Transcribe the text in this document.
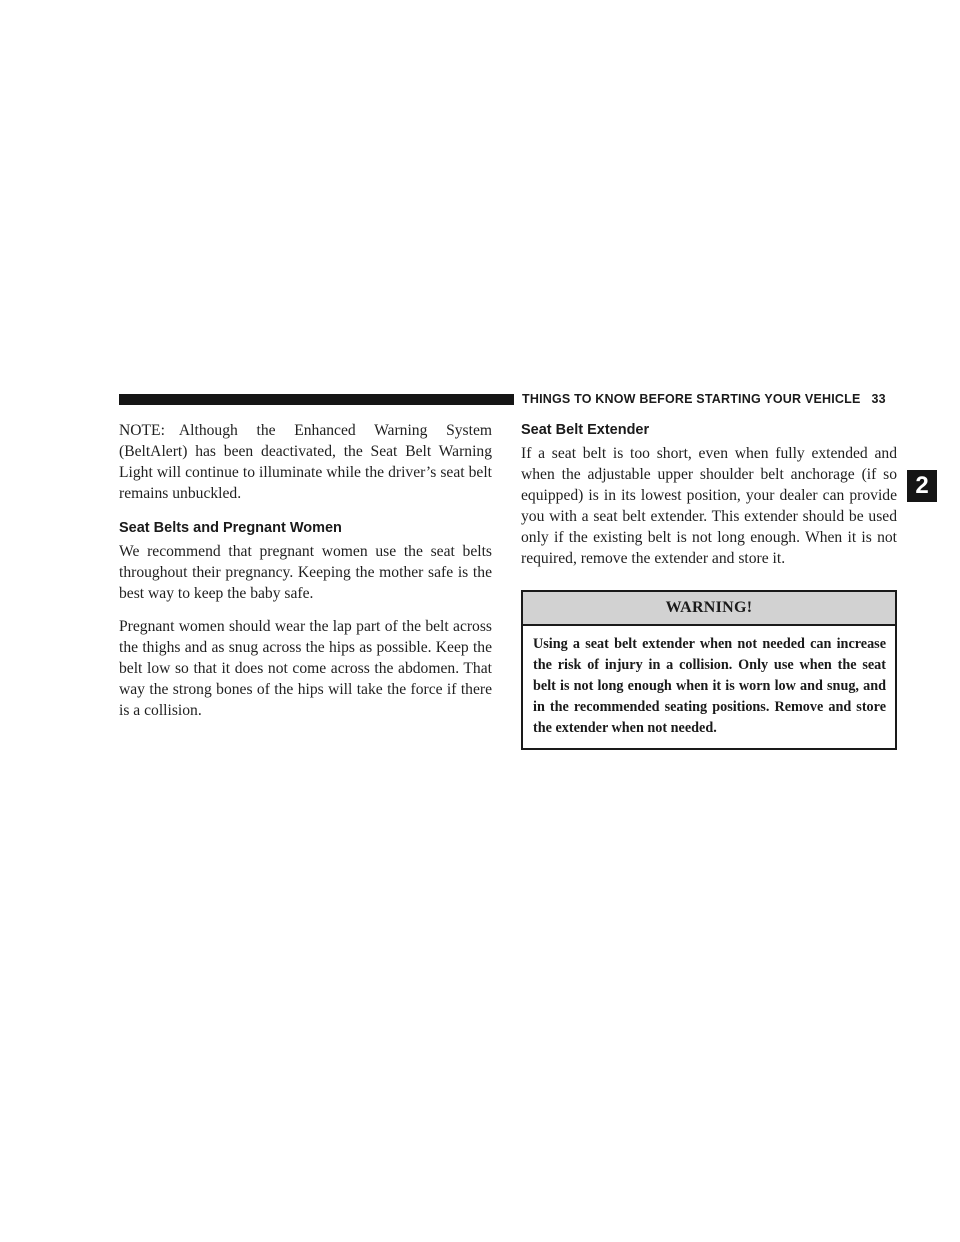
THINGS TO KNOW BEFORE STARTING YOUR VEHICLE 33
2

NOTE: Although the Enhanced Warning System (BeltAlert) has been deactivated, the Seat Belt Warning Light will continue to illuminate while the driver’s seat belt remains unbuckled.

Seat Belts and Pregnant Women

We recommend that pregnant women use the seat belts throughout their pregnancy. Keeping the mother safe is the best way to keep the baby safe.

Pregnant women should wear the lap part of the belt across the thighs and as snug across the hips as possible. Keep the belt low so that it does not come across the abdomen. That way the strong bones of the hips will take the force if there is a collision.

Seat Belt Extender

If a seat belt is too short, even when fully extended and when the adjustable upper shoulder belt anchorage (if so equipped) is in its lowest position, your dealer can provide you with a seat belt extender. This extender should be used only if the existing belt is not long enough. When it is not required, remove the extender and store it.

WARNING!
Using a seat belt extender when not needed can increase the risk of injury in a collision. Only use when the seat belt is not long enough when it is worn low and snug, and in the recommended seating positions. Remove and store the extender when not needed.
